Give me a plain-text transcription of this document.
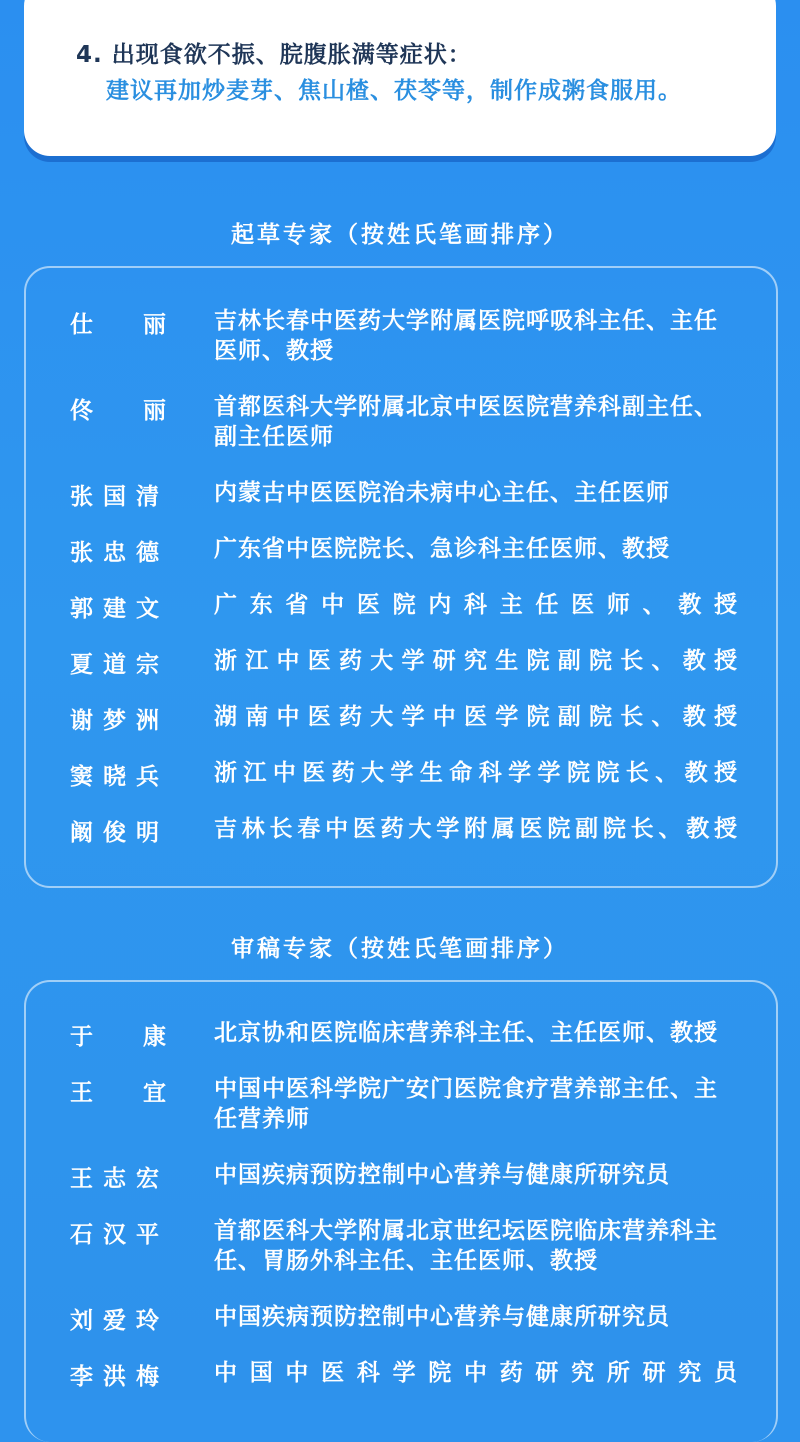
4. 出现食欲不振、脘腹胀满等症状：
建议再加炒麦芽、焦山楂、茯苓等，制作成粥食服用。
起草专家（按姓氏笔画排序）
仕 丽 吉林长春中医药大学附属医院呼吸科主任、主任医师、教授
佟 丽 首都医科大学附属北京中医医院营养科副主任、副主任医师
张国清 内蒙古中医医院治未病中心主任、主任医师
张忠德 广东省中医院院长、急诊科主任医师、教授
郭建文 广东省中医院内科主任医师、教授
夏道宗 浙江中医药大学研究生院副院长、教授
谢梦洲 湖南中医药大学中医学院副院长、教授
窦晓兵 浙江中医药大学生命科学学院院长、教授
阚俊明 吉林长春中医药大学附属医院副院长、教授
审稿专家（按姓氏笔画排序）
于 康 北京协和医院临床营养科主任、主任医师、教授
王 宜 中国中医科学院广安门医院食疗营养部主任、主任营养师
王志宏 中国疾病预防控制中心营养与健康所研究员
石汉平 首都医科大学附属北京世纪坛医院临床营养科主任、胃肠外科主任、主任医师、教授
刘爱玲 中国疾病预防控制中心营养与健康所研究员
李洪梅 中国中医科学院中药研究所研究员
